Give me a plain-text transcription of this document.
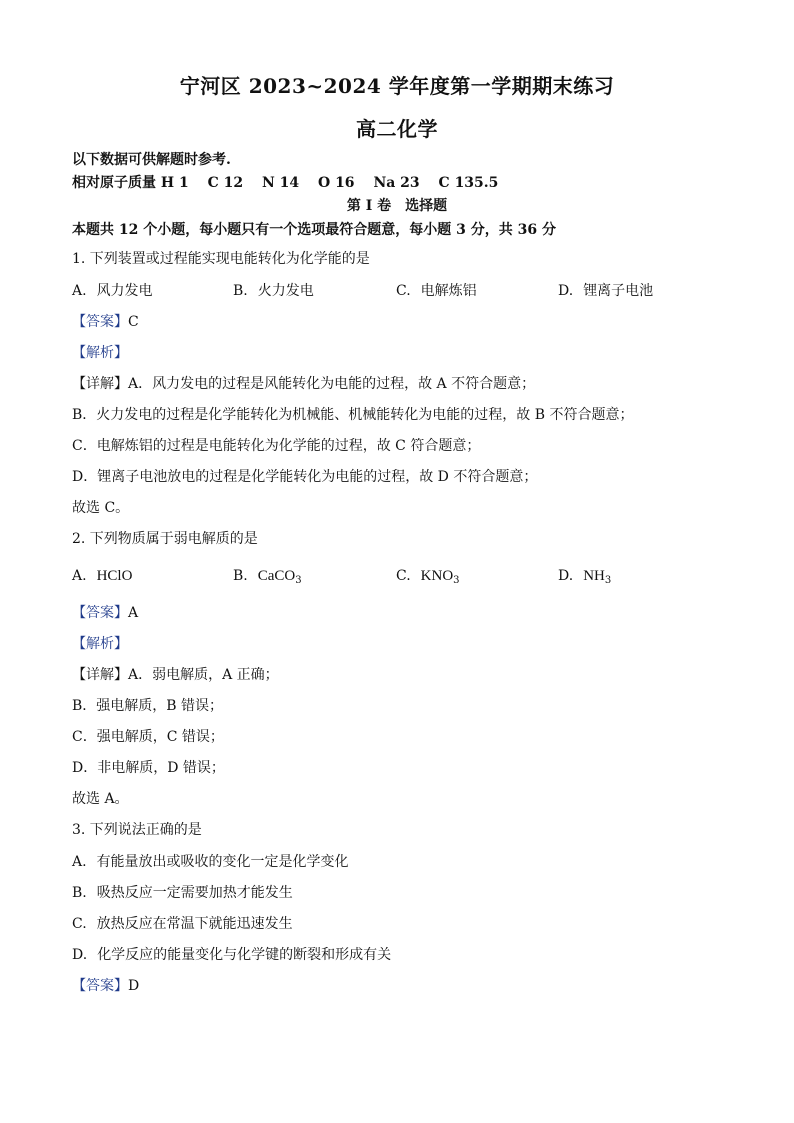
宁河区 2023~2024 学年度第一学期期末练习
高二化学
以下数据可供解题时参考.
相对原子质量 H 1 C 12 N 14 O 16 Na 23 C 135.5
第 I 卷　选择题
本题共 12 个小题，每小题只有一个选项最符合题意，每小题 3 分，共 36 分
1. 下列装置或过程能实现电能转化为化学能的是
A. 风力发电	B. 火力发电	C. 电解炼铝	D. 锂离子电池
【答案】C
【解析】
【详解】A．风力发电的过程是风能转化为电能的过程，故 A 不符合题意；
B．火力发电的过程是化学能转化为机械能、机械能转化为电能的过程，故 B 不符合题意；
C．电解炼铝的过程是电能转化为化学能的过程，故 C 符合题意；
D．锂离子电池放电的过程是化学能转化为电能的过程，故 D 不符合题意；
故选 C。
2. 下列物质属于弱电解质的是
A. HClO	B. CaCO$_3$	C. $KNO_3$	D. $NH_3$
【答案】A
【解析】
【详解】A．弱电解质，A 正确；
B．强电解质，B 错误；
C．强电解质，C 错误；
D．非电解质，D 错误；
故选 A。
3. 下列说法正确的是
A. 有能量放出或吸收的变化一定是化学变化
B. 吸热反应一定需要加热才能发生
C. 放热反应在常温下就能迅速发生
D. 化学反应的能量变化与化学键的断裂和形成有关
【答案】D
